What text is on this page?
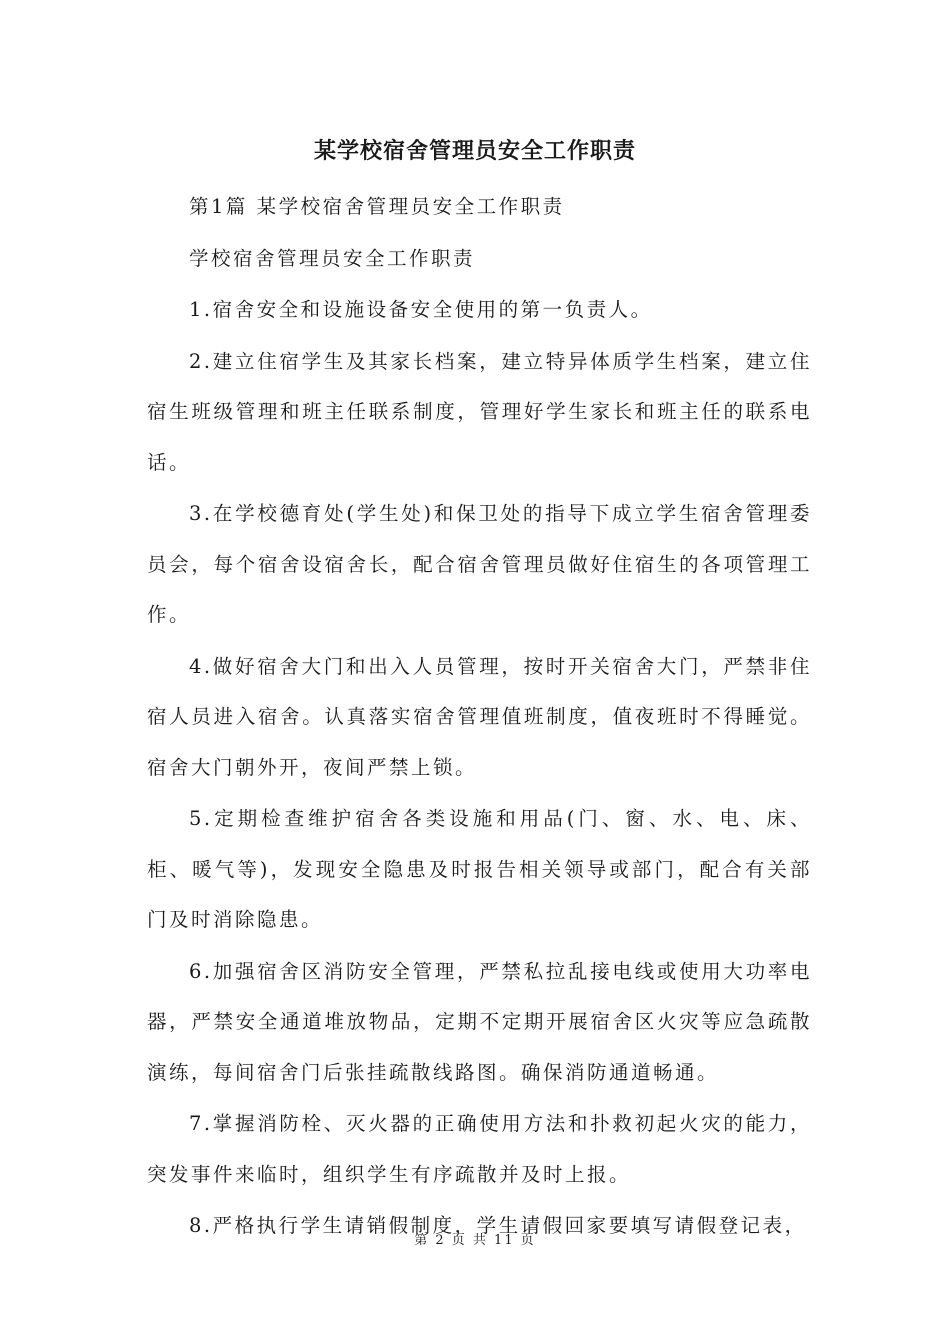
某学校宿舍管理员安全工作职责

第1篇 某学校宿舍管理员安全工作职责

学校宿舍管理员安全工作职责

1.宿舍安全和设施设备安全使用的第一负责人。

2.建立住宿学生及其家长档案，建立特异体质学生档案，建立住宿生班级管理和班主任联系制度，管理好学生家长和班主任的联系电话。

3.在学校德育处(学生处)和保卫处的指导下成立学生宿舍管理委员会，每个宿舍设宿舍长，配合宿舍管理员做好住宿生的各项管理工作。

4.做好宿舍大门和出入人员管理，按时开关宿舍大门，严禁非住宿人员进入宿舍。认真落实宿舍管理值班制度，值夜班时不得睡觉。宿舍大门朝外开，夜间严禁上锁。

5.定期检查维护宿舍各类设施和用品(门、窗、水、电、床、柜、暖气等)，发现安全隐患及时报告相关领导或部门，配合有关部门及时消除隐患。

6.加强宿舍区消防安全管理，严禁私拉乱接电线或使用大功率电器，严禁安全通道堆放物品，定期不定期开展宿舍区火灾等应急疏散演练，每间宿舍门后张挂疏散线路图。确保消防通道畅通。

7.掌握消防栓、灭火器的正确使用方法和扑救初起火灾的能力，突发事件来临时，组织学生有序疏散并及时上报。

8.严格执行学生请销假制度，学生请假回家要填写请假登记表，

第 2 页 共 11 页
